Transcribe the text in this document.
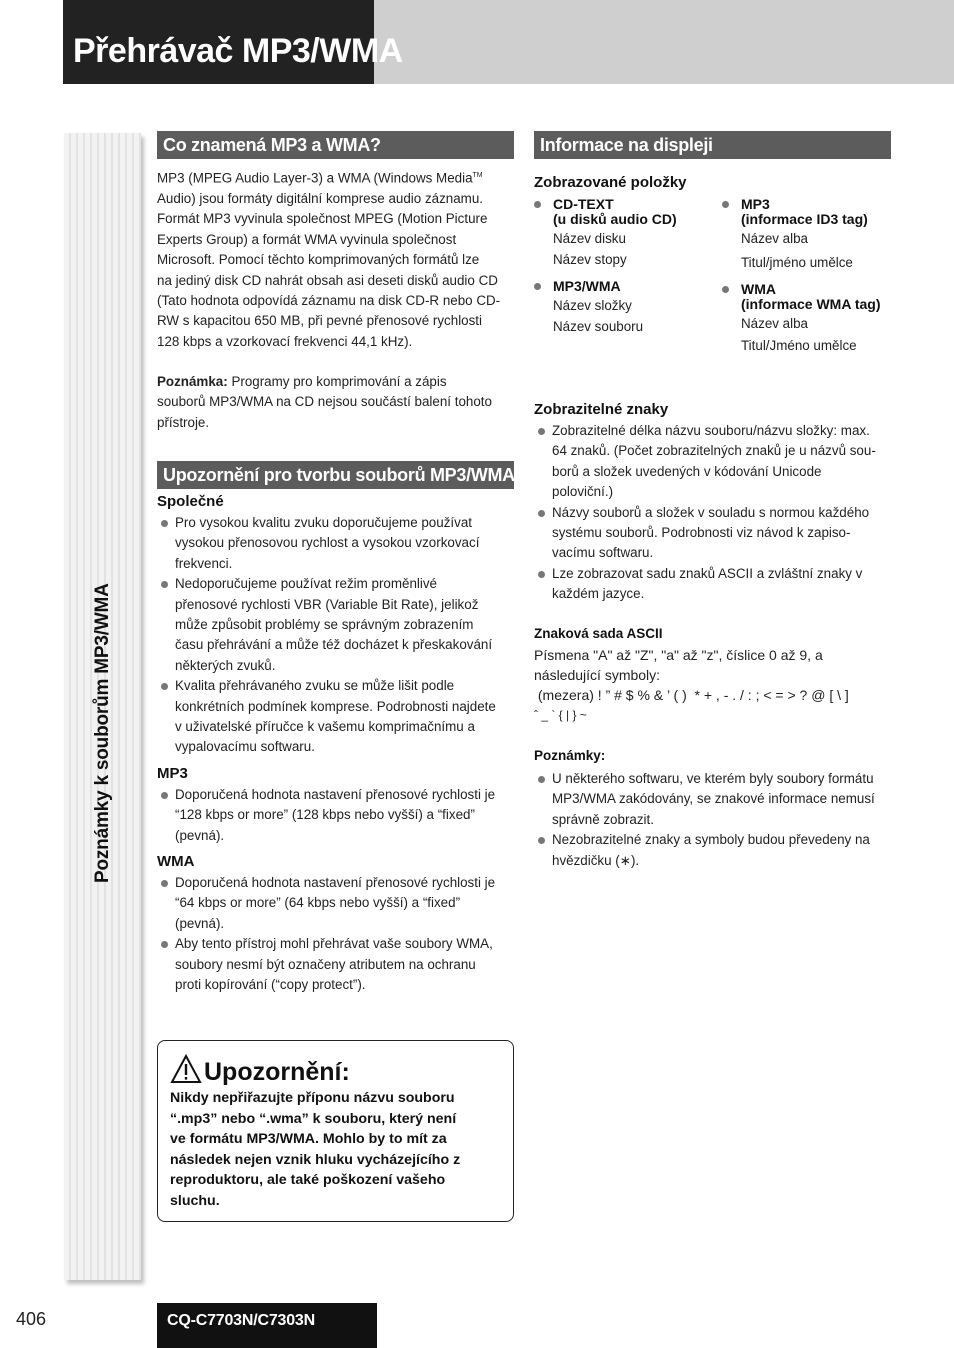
Přehrávač MP3/WMA
Poznámky k souborům MP3/WMA
Co znamená MP3 a WMA?

MP3 (MPEG Audio Layer-3) a WMA (Windows Media™

Audio) jsou formáty digitální komprese audio záznamu.

Formát MP3 vyvinula společnost MPEG (Motion Picture

Experts Group) a formát WMA vyvinula společnost

Microsoft. Pomocí těchto komprimovaných formátů lze

na jediný disk CD nahrát obsah asi deseti disků audio CD

(Tato hodnota odpovídá záznamu na disk CD-R nebo CD-

RW s kapacitou 650 MB, při pevné přenosové rychlosti

128 kbps a vzorkovací frekvenci 44,1 kHz).

Poznámka: Programy pro komprimování a zápis

souborů MP3/WMA na CD nejsou součástí balení tohoto

přístroje.

Upozornění pro tvorbu souborů MP3/WMA
Společné

Pro vysokou kvalitu zvuku doporučujeme používat

vysokou přenosovou rychlost a vysokou vzorkovací

frekvenci.

Nedoporučujeme používat režim proměnlivé

přenosové rychlosti VBR (Variable Bit Rate), jelikož

může způsobit problémy se správným zobrazením

času přehrávání a může též docházet k přeskakování

některých zvuků.

Kvalita přehrávaného zvuku se může lišit podle

konkrétních podmínek komprese. Podrobnosti najdete

v uživatelské příručce k vašemu komprimačnímu a

vypalovacímu softwaru.

MP3

Doporučená hodnota nastavení přenosové rychlosti je

“128 kbps or more” (128 kbps nebo vyšší) a “fixed”

(pevná).

WMA

Doporučená hodnota nastavení přenosové rychlosti je

“64 kbps or more” (64 kbps nebo vyšší) a “fixed”

(pevná).

Aby tento přístroj mohl přehrávat vaše soubory WMA,

soubory nesmí být označeny atributem na ochranu

proti kopírování (“copy protect”).

Upozornění:
Nikdy nepřiřazujte příponu názvu souboru
“.mp3” nebo “.wma” k souboru, který není
ve formátu MP3/WMA. Mohlo by to mít za
následek nejen vznik hluku vycházejícího z
reproduktoru, ale také poškození vašeho
sluchu.
Informace na displeji
Zobrazované položky
CD-TEXT
(u disků audio CD)
Název disku
Název stopy
MP3/WMA
Název složky
Název souboru
MP3
(informace ID3 tag)
Název alba
Titul/jméno umělce
WMA
(informace WMA tag)
Název alba
Titul/Jméno umělce
Zobrazitelné znaky

Zobrazitelné délka názvu souboru/názvu složky: max.

64 znaků. (Počet zobrazitelných znaků je u názvů sou-

borů a složek uvedených v kódování Unicode

poloviční.)

Názvy souborů a složek v souladu s normou každého

systému souborů. Podrobnosti viz návod k zapiso-

vacímu softwaru.

Lze zobrazovat sadu znaků ASCII a zvláštní znaky v

každém jazyce.

Znaková sada ASCII

Písmena "A" až "Z", "a" až "z", číslice 0 až 9, a

následující symboly:

(mezera) ! ” # $ % & ’ ( )  * + , - . / : ; < = > ? @ [ \ ]

ˆ _ ` { | } ~

Poznámky:

U některého softwaru, ve kterém byly soubory formátu

MP3/WMA zakódovány, se znakové informace nemusí

správně zobrazit.

Nezobrazitelné znaky a symboly budou převedeny na

hvězdičku (∗).

406	CQ-C7703N/C7303N
